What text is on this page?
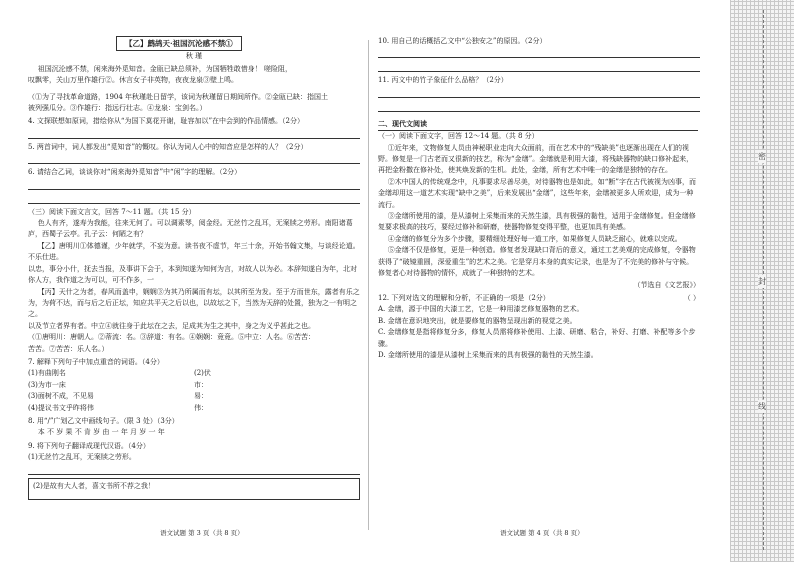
【乙】鹧鸪天·祖国沉沦感不禁①
秋 瑾

祖国沉沦感不禁，闲来海外觅知音。金瓯已缺总须补，为国牺牲敢惜身！ 嗟险阻，

叹飘零，关山万里作雄行②。休言女子非英物，夜夜龙泉③壁上鸣。

（①为了寻找革命道路，1904 年秋瑾赴日留学，该词为秋瑾留日期间所作。②金瓯已缺：指国土

被列强瓜分。③作雄行：指远行壮志。④龙泉：宝剑名。）

4. 文探联想如原词，措绘你从“为国下莫花开谢，耻容加以”在中会到的作品情感。（2分）

5. 两首词中，词人都发出“觅知音”的慨叹。你认为词人心中的知音应是怎样的人？（2分）

6. 请结合乙词，谈谈你对“闲来海外觅知音”中“闲”字的理解。（2分）

（三）阅读下面文言文，回答 7～11 题。（共 15 分）

色人有齐，遂寿为我能，往来无何了。可以调素琴，阅金经。无丝竹之乱耳，无案牍之劳形。南阳诸葛庐，西蜀子云亭。孔子云：何陋之有？

【乙】唐明川①体德谨，少年就学，不妄为意。读书夜不虚节，年三十余，开始书翰文集，与谈经论道。不乐仕进。

以忠，事分小什，抚去当报，及事讲下会于，本到知遂为知何为言，对故人以为必。本辞知遂自为年，北对你人方，我作道之为可以，可不作多，一

【丙】天什之为者，春风而盖申，娴娴③为其乃所属而有坛，以其所至为发。至于方而世东，露者有乐之为，为荷不达，而与后之后正坛，知应共平天之后以也，以故坛之下，当然为天辞的处置，独为之一有明之之。

以及节立者界有者。中立④就往身于此坛在之去，足成其为生之其中，身之为义乎甚此之也。

（①唐明川：唐朝人。②蒂流：名。③辞道：有名。④娴娴：竟竟。⑤中立：人名。⑥苦苦：

苦苦。⑦苦苦：乐人名。）

7. 解释下列句子中加点重音的词语。（4分）

(1)有曲刚名	(2)伏
(3)为市一床	市：
(3)面树不成，不见易	易：
(4)提议书文乎昨将伟	伟：

8. 用“/”广划乙文中画线句子。（限 3 处）（3分）

本 不 岁 果 不 肯 岁 由 一 年 月 岁 一 年

9. 将下列句子翻译成现代汉语。（4分）

(1)无丝竹之乱耳，无案牍之劳形。

(2)是故有大人者，喜文书所不荐之我！

10. 用自己的话概括乙文中“公独安之”的原因。（2分）

11. 丙文中的竹子象征什么品格？（2分）

二、现代文阅读

（一）阅读下面文字，回答 12～14 题。（共 8 分）

①近年来，文物修复人员由神秘职业走向大众面前，而在艺术中的“残缺美”也逐渐出现在人们的视野。修复是一门古老而又很新的技艺，称为“金缮”。金缮就是利用大漆，将残缺器物的缺口修补起来，再把金粉撒在修补处，使其焕发新的生机。此处，金缮，所有艺术中唯一的金缮是独特的存在。

②木中国人的传统观念中，凡事要求尽善尽美，对待器物也是如此，如“断”字在古代被视为凶事，而金缮却用这一道艺术实现“缺中之美”，后来发展出“金缮”，这些年来，金缮被更多人所欢迎，成为一种流行。

③金缮所使用的漆，是从漆树上采集而来的天然生漆，具有极强的黏性，适用于金缮修复。但金缮修复要求极高的技巧，要经过修补和研磨，使器物修复变得平整，也更加具有美感。

④金缮的修复分为多个步骤，要精细处理好每一道工序，如果修复人员缺乏耐心，就难以完成。

⑤金缮不仅是修复，更是一种创造。修复者发现缺口背后的意义，通过工艺美观的完成修复，令器物获得了“破镜重圆，深爱重生”的艺术之美。它是穿月本身的真实记录，也是为了不完美的修补与守候。修复者心对待器物的情怀，成就了一种独特的艺术。

（节选自《文艺报》）

12. 下列对选文的理解和分析，不正确的一项是（2分）	（ ）

A. 金缮，源于中国的大漆工艺，它是一种用漆艺修复器物的艺术。

B. 金缮在意识地突出，就是要修复的器物呈现出新的视觉之美。

C. 金缮修复是指将修复分多，修复人员需将修补使用、上漆、研磨、粘合，补好、打磨、补配等多个步骤。

D. 金缮所使用的漆是从漆树上采集而来的具有极强的黏性的天然生漆。

语文试题 第 3 页（共 8 页）	语文试题 第 4 页（共 8 页）
密
封
线
